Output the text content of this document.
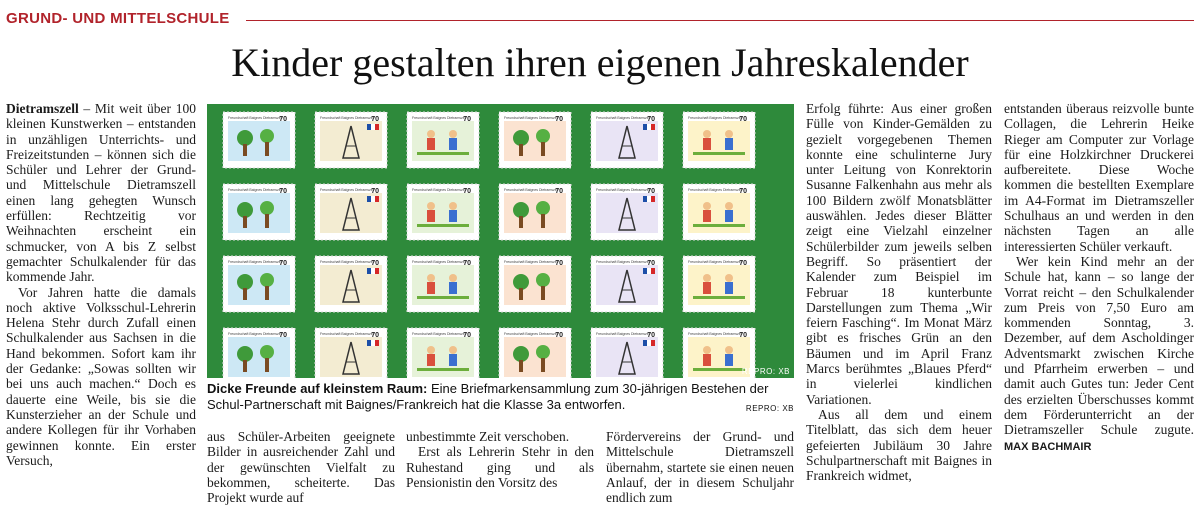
GRUND- UND MITTELSCHULE
Kinder gestalten ihren eigenen Jahreskalender

Dietramszell – Mit weit über 100 kleinen Kunstwerken – entstanden in unzähligen Unterrichts- und Freizeitstunden – können sich die Schüler und Lehrer der Grund- und Mittelschule Dietramszell einen lang gehegten Wunsch erfüllen: Rechtzeitig vor Weihnachten erscheint ein schmucker, von A bis Z selbst gemachter Schulkalender für das kommende Jahr.

Vor Jahren hatte die damals noch aktive Volksschul-Lehrerin Helena Stehr durch Zufall einen Schulkalender aus Sachsen in die Hand bekommen. Sofort kam ihr der Gedanke: „Sowas sollten wir bei uns auch machen.“ Doch es dauerte eine Weile, bis sie die Kunsterzieher an der Schule und andere Kollegen für ihr Vorhaben gewinnen konnte. Ein erster Versuch,

70
Freundschaft Baignes Dietramszell	70
Freundschaft Baignes Dietramszell	70
Freundschaft Baignes Dietramszell	70
Freundschaft Baignes Dietramszell	70
Freundschaft Baignes Dietramszell	70
Freundschaft Baignes Dietramszell
70
Freundschaft Baignes Dietramszell	70
Freundschaft Baignes Dietramszell	70
Freundschaft Baignes Dietramszell	70
Freundschaft Baignes Dietramszell	70
Freundschaft Baignes Dietramszell	70
Freundschaft Baignes Dietramszell
70
Freundschaft Baignes Dietramszell	70
Freundschaft Baignes Dietramszell	70
Freundschaft Baignes Dietramszell	70
Freundschaft Baignes Dietramszell	70
Freundschaft Baignes Dietramszell	70
Freundschaft Baignes Dietramszell
70
Freundschaft Baignes Dietramszell	70
Freundschaft Baignes Dietramszell	70
Freundschaft Baignes Dietramszell	70
Freundschaft Baignes Dietramszell	70
Freundschaft Baignes Dietramszell	70
Freundschaft Baignes Dietramszell
REPRO: XB
Dicke Freunde auf kleinstem Raum: Eine Briefmarkensammlung zum 30-jährigen Bestehen der Schul-Partnerschaft mit Baignes/Frankreich hat die Klasse 3a entworfen.	REPRO: XB

aus Schüler-Arbeiten geeignete Bilder in ausreichender Zahl und der gewünschten Vielfalt zu bekommen, scheiterte. Das Projekt wurde auf

unbestimmte Zeit verschoben.

Erst als Lehrerin Stehr in den Ruhestand ging und als Pensionistin den Vorsitz des

Fördervereins der Grund- und Mittelschule Dietramszell übernahm, startete sie einen neuen Anlauf, der in diesem Schuljahr endlich zum

Erfolg führte: Aus einer großen Fülle von Kinder-Gemälden zu gezielt vorgegebenen Themen konnte eine schulinterne Jury unter Leitung von Konrektorin Susanne Falkenhahn aus mehr als 100 Bildern zwölf Monatsblätter auswählen. Jedes dieser Blätter zeigt eine Vielzahl einzelner Schülerbilder zum jeweils selben Begriff. So präsentiert der Kalender zum Beispiel im Februar 18 kunterbunte Darstellungen zum Thema „Wir feiern Fasching“. Im Monat März gibt es frisches Grün an den Bäumen und im April Franz Marcs berühmtes „Blaues Pferd“ in vielerlei kindlichen Variationen.

Aus all dem und einem Titelblatt, das sich dem heuer gefeierten Jubiläum 30 Jahre Schulpartnerschaft mit Baignes in Frankreich widmet,

entstanden überaus reizvolle bunte Collagen, die Lehrerin Heike Rieger am Computer zur Vorlage für eine Holzkirchner Druckerei aufbereitete. Diese Woche kommen die bestellten Exemplare im A4-Format im Dietramszeller Schulhaus an und werden in den nächsten Tagen an alle interessierten Schüler verkauft.

Wer kein Kind mehr an der Schule hat, kann – so lange der Vorrat reicht – den Schulkalender zum Preis von 7,50 Euro am kommenden Sonntag, 3. Dezember, auf dem Ascholdinger Adventsmarkt zwischen Kirche und Pfarrheim erwerben – und damit auch Gutes tun: Jeder Cent des erzielten Überschusses kommt dem Förderunterricht an der Dietramszeller Schule zugute. MAX BACHMAIR
